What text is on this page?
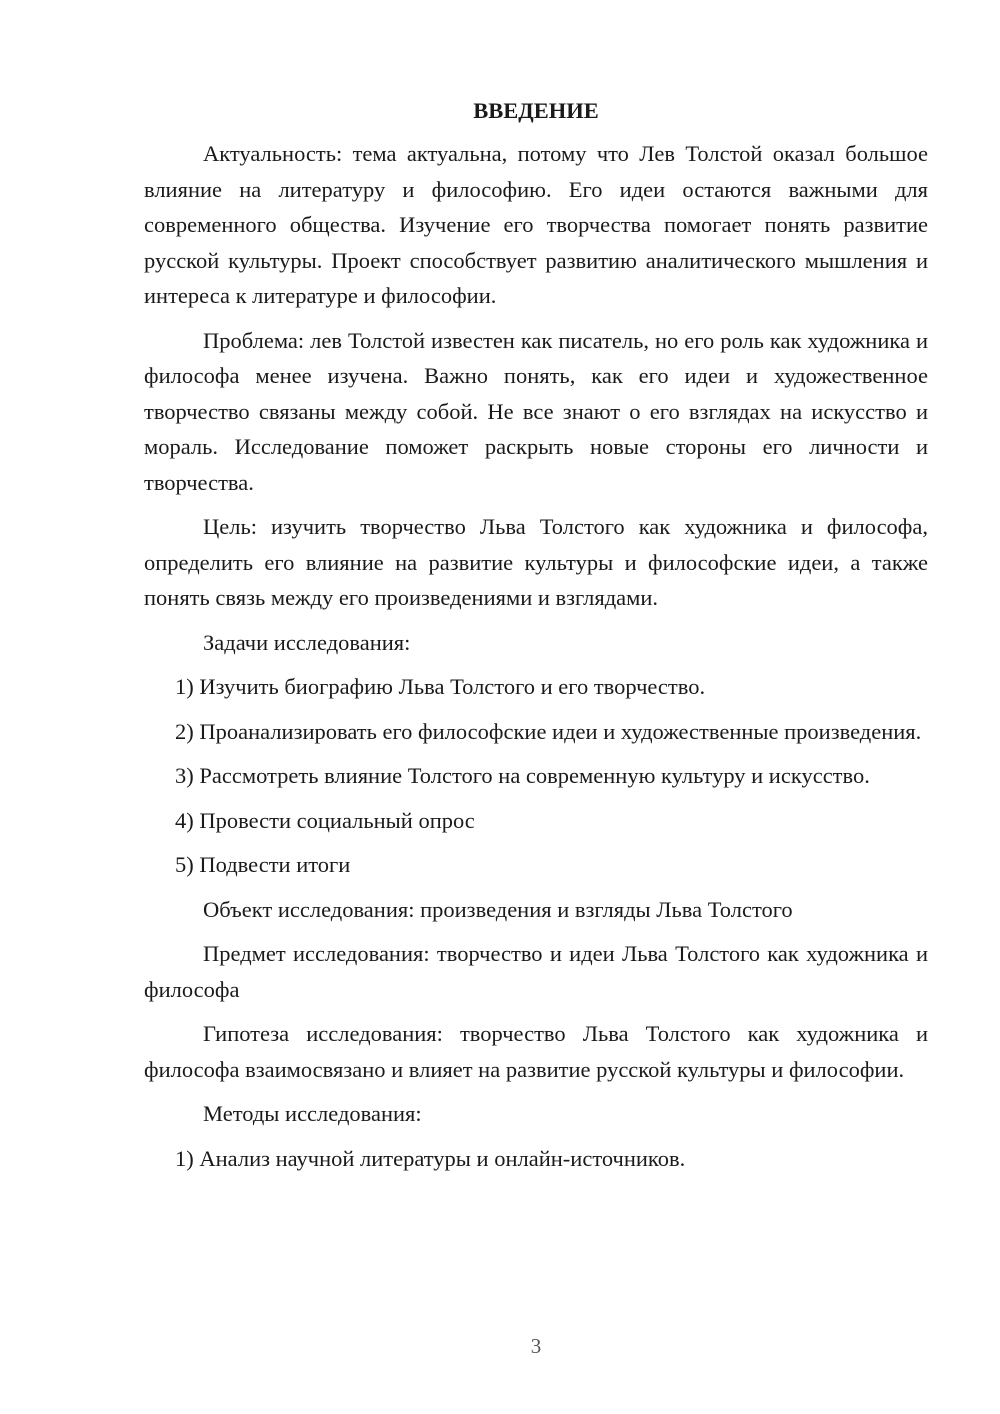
ВВЕДЕНИЕ

Актуальность: тема актуальна, потому что Лев Толстой оказал большое влияние на литературу и философию. Его идеи остаются важными для современного общества. Изучение его творчества помогает понять развитие русской культуры. Проект способствует развитию аналитического мышления и интереса к литературе и философии.

Проблема: лев Толстой известен как писатель, но его роль как художника и философа менее изучена. Важно понять, как его идеи и художественное творчество связаны между собой. Не все знают о его взглядах на искусство и мораль. Исследование поможет раскрыть новые стороны его личности и творчества.

Цель: изучить творчество Льва Толстого как художника и философа, определить его влияние на развитие культуры и философские идеи, а также понять связь между его произведениями и взглядами.

Задачи исследования:

1) Изучить биографию Льва Толстого и его творчество.

2) Проанализировать его философские идеи и художественные произведения.

3) Рассмотреть влияние Толстого на современную культуру и искусство.

4) Провести социальный опрос

5) Подвести итоги

Объект исследования: произведения и взгляды Льва Толстого

Предмет исследования: творчество и идеи Льва Толстого как художника и философа

Гипотеза исследования: творчество Льва Толстого как художника и философа взаимосвязано и влияет на развитие русской культуры и философии.

Методы исследования:

1) Анализ научной литературы и онлайн-источников.

3
